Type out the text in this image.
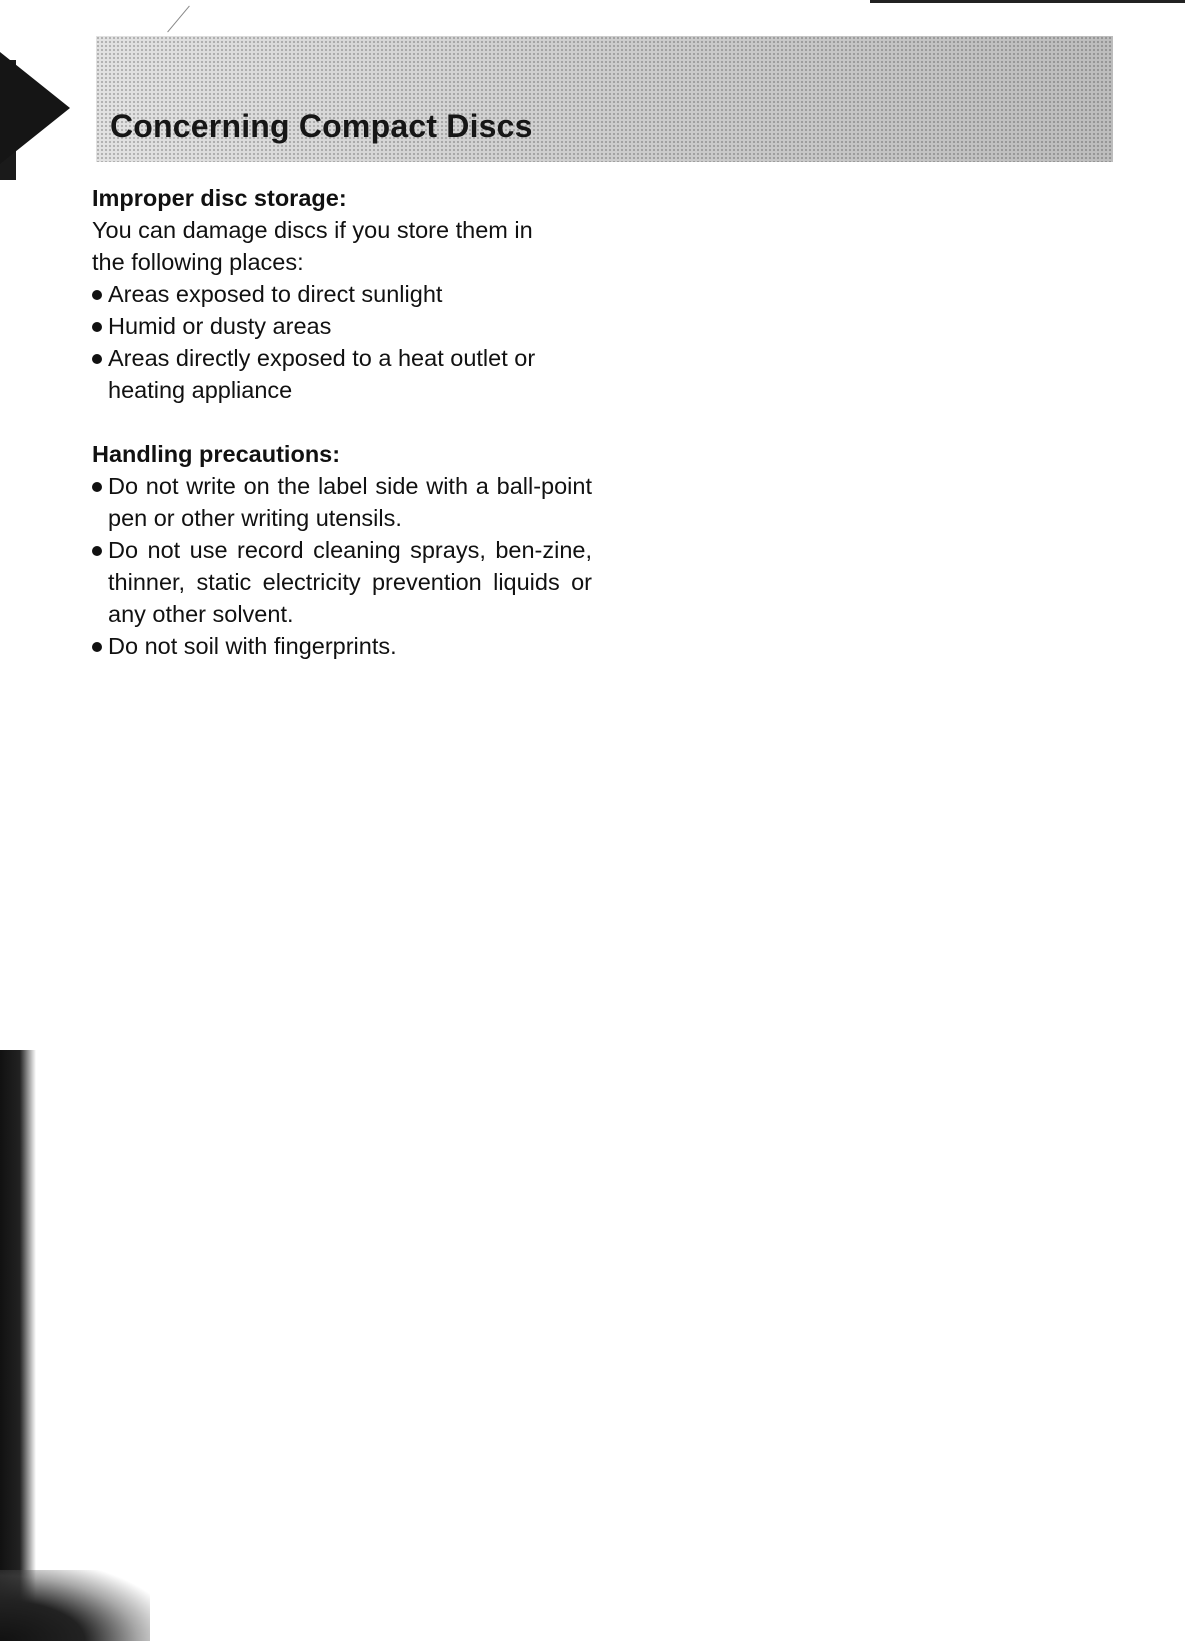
Concerning Compact Discs
Improper disc storage:
You can damage discs if you store them in
the following places:
Areas exposed to direct sunlight
Humid or dusty areas
Areas directly exposed to a heat outlet or heating appliance
Handling precautions:
Do not write on the label side with a ball-point pen or other writing utensils.
Do not use record cleaning sprays, ben-zine, thinner, static electricity prevention liquids or any other solvent.
Do not soil with fingerprints.
